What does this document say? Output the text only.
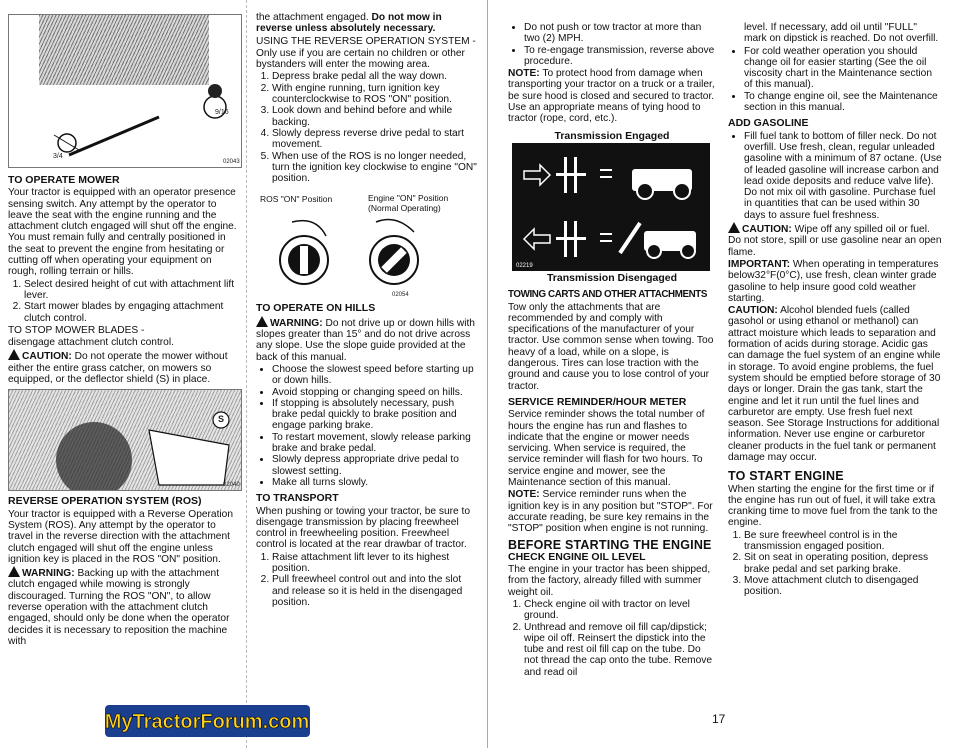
9/16
3/4
02043
TO OPERATE MOWER

Your tractor is equipped with an operator presence sensing switch. Any attempt by the operator to leave the seat with the engine running and the attachment clutch engaged will shut off the engine. You must remain fully and centrally positioned in the seat to prevent the engine from hesitating or cutting off when operating your equipment on rough, rolling terrain or hills.

1. Select desired height of cut with attachment lift lever.
2. Start mower blades by engaging attachment clutch control.

TO STOP MOWER BLADES -

disengage attachment clutch control.

CAUTION: Do not operate the mower without either the entire grass catcher, on mowers so equipped, or the deflector shield (S) in place.

S
02040
REVERSE OPERATION SYSTEM (ROS)

Your tractor is equipped with a Reverse Operation System (ROS). Any attempt by the operator to travel in the reverse direction with the attachment clutch engaged will shut off the engine unless ignition key is placed in the ROS "ON" position.

WARNING: Backing up with the attachment clutch engaged while mowing is strongly discouraged. Turning the ROS "ON", to allow reverse operation with the attachment clutch engaged, should only be done when the operator decides it is necessary to reposition the machine with

the attachment engaged. Do not mow in reverse unless absolutely necessary.

USING THE REVERSE OPERATION SYSTEM -

Only use if you are certain no children or other bystanders will enter the mowing area.

1. Depress brake pedal all the way down.
2. With engine running, turn ignition key counterclockwise to ROS "ON" position.
3. Look down and behind before and while backing.
4. Slowly depress reverse drive pedal to start movement.
5. When use of the ROS is no longer needed, turn the ignition key clockwise to engine "ON" position.
ROS "ON" Position	Engine "ON" Position (Normal Operating)
02054
TO OPERATE ON HILLS

WARNING: Do not drive up or down hills with slopes greater than 15° and do not drive across any slope. Use the slope guide provided at the back of this manual.

• Choose the slowest speed before starting up or down hills.
• Avoid stopping or changing speed on hills.
• If stopping is absolutely necessary, push brake pedal quickly to brake position and engage parking brake.
• To restart movement, slowly release parking brake and brake pedal.
• Slowly depress appropriate drive pedal to slowest setting.
• Make all turns slowly.
TO TRANSPORT

When pushing or towing your tractor, be sure to disengage transmission by placing freewheel control in freewheeling position. Freewheel control is located at the rear drawbar of tractor.

1. Raise attachment lift lever to its highest position.
2. Pull freewheel control out and into the slot and release so it is held in the disengaged position.
• Do not push or tow tractor at more than two (2) MPH.
• To re-engage transmission, reverse above procedure.

NOTE: To protect hood from damage when transporting your tractor on a truck or a trailer, be sure hood is closed and secured to tractor. Use an appropriate means of tying hood to tractor (rope, cord, etc.).

Transmission Engaged
02219
Transmission Disengaged
TOWING CARTS AND OTHER ATTACHMENTS

Tow only the attachments that are recommended by and comply with specifications of the manufacturer of your tractor. Use common sense when towing. Too heavy of a load, while on a slope, is dangerous. Tires can lose traction with the ground and cause you to lose control of your tractor.

SERVICE REMINDER/HOUR METER

Service reminder shows the total number of hours the engine has run and flashes to indicate that the engine or mower needs servicing. When service is required, the service reminder will flash for two hours. To service engine and mower, see the Maintenance section of this manual.

NOTE: Service reminder runs when the ignition key is in any position but "STOP". For accurate reading, be sure key remains in the "STOP" position when engine is not running.

BEFORE STARTING THE ENGINE
CHECK ENGINE OIL LEVEL

The engine in your tractor has been shipped, from the factory, already filled with summer weight oil.

1. Check engine oil with tractor on level ground.
2. Unthread and remove oil fill cap/dipstick; wipe oil off. Reinsert the dipstick into the tube and rest oil fill cap on the tube. Do not thread the cap onto the tube. Remove and read oil

level. If necessary, add oil until "FULL" mark on dipstick is reached. Do not overfill.

• For cold weather operation you should change oil for easier starting (See the oil viscosity chart in the Maintenance section of this manual).
• To change engine oil, see the Maintenance section in this manual.
ADD GASOLINE
• Fill fuel tank to bottom of filler neck. Do not overfill. Use fresh, clean, regular unleaded gasoline with a minimum of 87 octane. (Use of leaded gasoline will increase carbon and lead oxide deposits and reduce valve life). Do not mix oil with gasoline. Purchase fuel in quantities that can be used within 30 days to assure fuel freshness.

CAUTION: Wipe off any spilled oil or fuel. Do not store, spill or use gasoline near an open flame.

IMPORTANT: When operating in temperatures below32°F(0°C), use fresh, clean winter grade gasoline to help insure good cold weather starting.

CAUTION: Alcohol blended fuels (called gasohol or using ethanol or methanol) can attract moisture which leads to separation and formation of acids during storage. Acidic gas can damage the fuel system of an engine while in storage. To avoid engine problems, the fuel system should be emptied before storage of 30 days or longer. Drain the gas tank, start the engine and let it run until the fuel lines and carburetor are empty. Use fresh fuel next season. See Storage Instructions for additional information. Never use engine or carburetor cleaner products in the fuel tank or permanent damage may occur.

TO START ENGINE

When starting the engine for the first time or if the engine has run out of fuel, it will take extra cranking time to move fuel from the tank to the engine.

1. Be sure freewheel control is in the transmission engaged position.
2. Sit on seat in operating position, depress brake pedal and set parking brake.
3. Move attachment clutch to disengaged position.
17
MyTractorForum.com
